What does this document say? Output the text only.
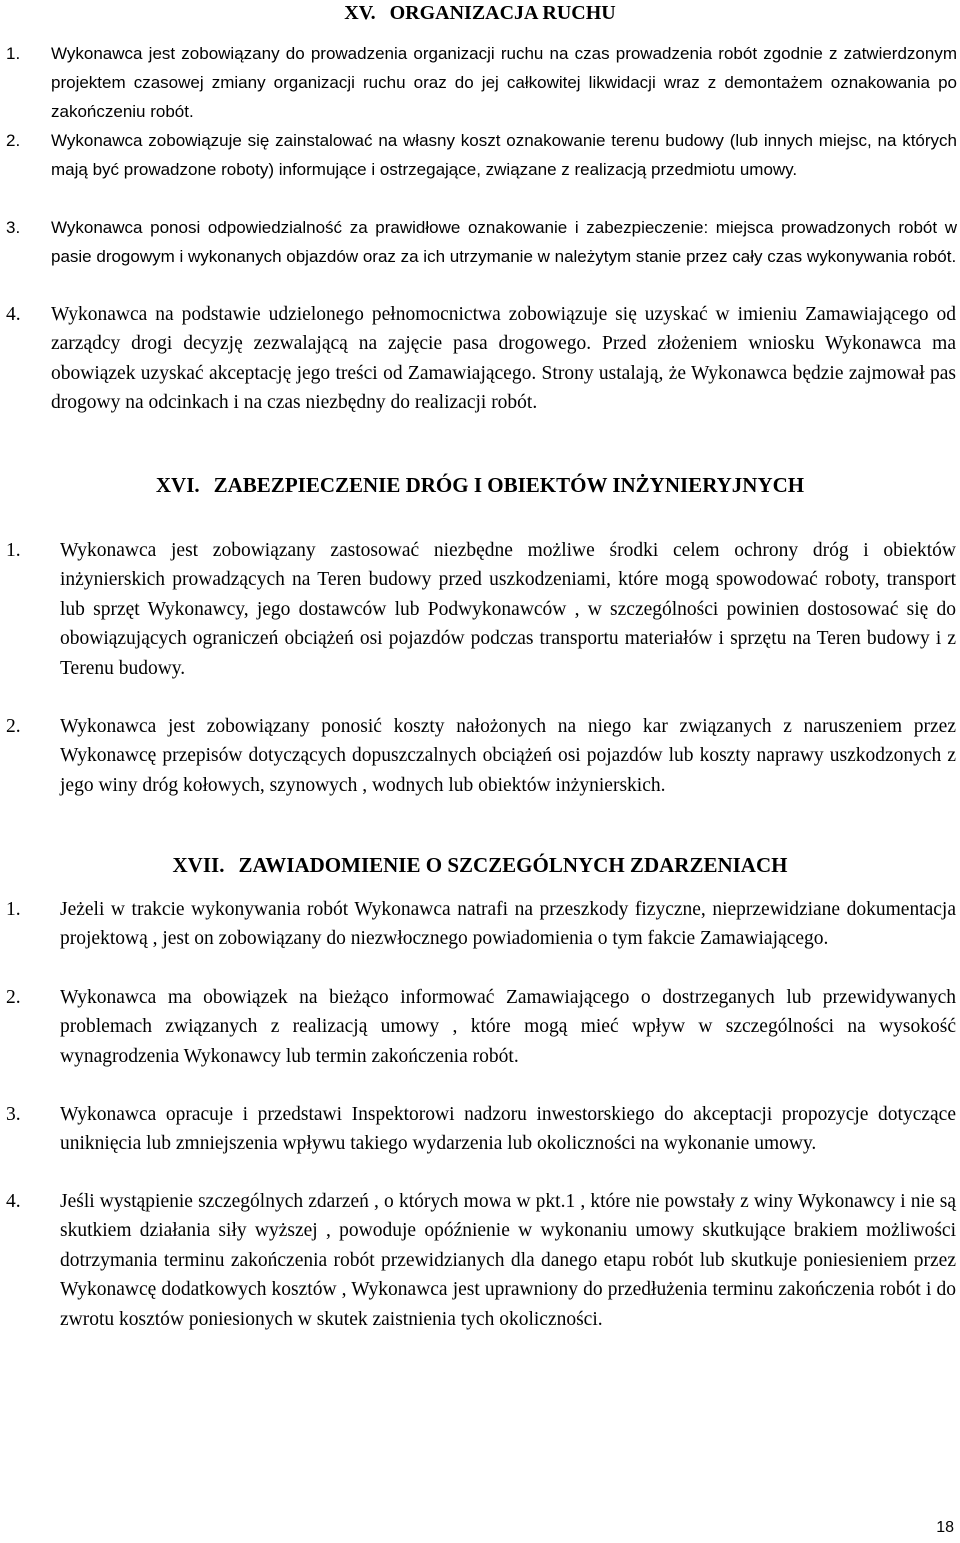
XV. ORGANIZACJA RUCHU
1. Wykonawca jest zobowiązany do prowadzenia organizacji ruchu na czas prowadzenia robót zgodnie z zatwierdzonym projektem czasowej zmiany organizacji ruchu oraz do jej całkowitej likwidacji wraz z demontażem oznakowania po zakończeniu robót.
2. Wykonawca zobowiązuje się zainstalować na własny koszt oznakowanie terenu budowy (lub innych miejsc, na których mają być prowadzone roboty) informujące i ostrzegające, związane z realizacją przedmiotu umowy.
3. Wykonawca ponosi odpowiedzialność za prawidłowe oznakowanie i zabezpieczenie: miejsca prowadzonych robót w pasie drogowym i wykonanych objazdów oraz za ich utrzymanie w należytym stanie przez cały czas wykonywania robót.
4. Wykonawca na podstawie udzielonego pełnomocnictwa zobowiązuje się uzyskać w imieniu Zamawiającego od zarządcy drogi decyzję zezwalającą na zajęcie pasa drogowego. Przed złożeniem wniosku Wykonawca ma obowiązek uzyskać akceptację jego treści od Zamawiającego. Strony ustalają, że Wykonawca będzie zajmował pas drogowy na odcinkach i na czas niezbędny do realizacji robót.
XVI. ZABEZPIECZENIE DRÓG I OBIEKTÓW INŻYNIERYJNYCH
1. Wykonawca jest zobowiązany zastosować niezbędne możliwe środki celem ochrony dróg i obiektów inżynierskich prowadzących na Teren budowy przed uszkodzeniami, które mogą spowodować roboty, transport lub sprzęt Wykonawcy, jego dostawców lub Podwykonawców , w szczególności powinien dostosować się do obowiązujących ograniczeń obciążeń osi pojazdów podczas transportu materiałów i sprzętu na Teren budowy i z Terenu budowy.
2. Wykonawca jest zobowiązany ponosić koszty nałożonych na niego kar związanych z naruszeniem przez Wykonawcę przepisów dotyczących dopuszczalnych obciążeń osi pojazdów lub koszty naprawy uszkodzonych z jego winy dróg kołowych, szynowych , wodnych lub obiektów inżynierskich.
XVII. ZAWIADOMIENIE O SZCZEGÓLNYCH ZDARZENIACH
1. Jeżeli w trakcie wykonywania robót Wykonawca natrafi na przeszkody fizyczne, nieprzewidziane dokumentacja projektową , jest on zobowiązany do niezwłocznego powiadomienia o tym fakcie Zamawiającego.
2. Wykonawca ma obowiązek na bieżąco informować Zamawiającego o dostrzeganych lub przewidywanych problemach związanych z realizacją umowy , które mogą mieć wpływ w szczególności na wysokość wynagrodzenia Wykonawcy lub termin zakończenia robót.
3. Wykonawca opracuje i przedstawi Inspektorowi nadzoru inwestorskiego do akceptacji propozycje dotyczące uniknięcia lub zmniejszenia wpływu takiego wydarzenia lub okoliczności na wykonanie umowy.
4. Jeśli wystąpienie szczególnych zdarzeń , o których mowa w pkt.1 , które nie powstały z winy Wykonawcy i nie są skutkiem działania siły wyższej , powoduje opóźnienie w wykonaniu umowy skutkujące brakiem możliwości dotrzymania terminu zakończenia robót przewidzianych dla danego etapu robót lub skutkuje poniesieniem przez Wykonawcę dodatkowych kosztów , Wykonawca jest uprawniony do przedłużenia terminu zakończenia robót i do zwrotu kosztów poniesionych w skutek zaistnienia tych okoliczności.
18
